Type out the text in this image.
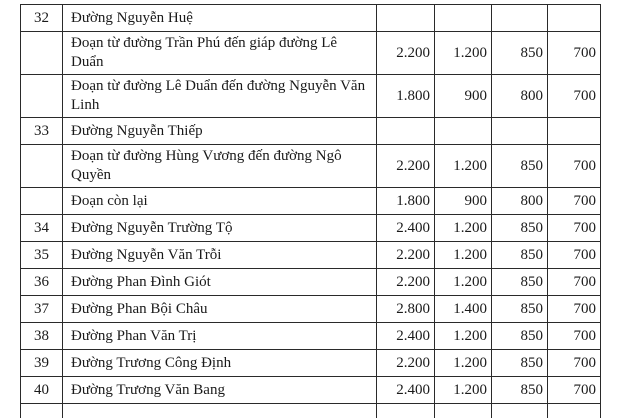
32	Đường Nguyễn Huệ				
	Đoạn từ đường Trần Phú đến giáp đường Lê Duẩn	2.200	1.200	850	700
	Đoạn từ đường Lê Duẩn đến đường Nguyễn Văn Linh	1.800	900	800	700
33	Đường Nguyễn Thiếp				
	Đoạn từ đường Hùng Vương đến đường Ngô Quyền	2.200	1.200	850	700
	Đoạn còn lại	1.800	900	800	700
34	Đường Nguyễn Trường Tộ	2.400	1.200	850	700
35	Đường Nguyễn Văn Trỗi	2.200	1.200	850	700
36	Đường Phan Đình Giót	2.200	1.200	850	700
37	Đường Phan Bội Châu	2.800	1.400	850	700
38	Đường Phan Văn Trị	2.400	1.200	850	700
39	Đường Trương Công Định	2.200	1.200	850	700
40	Đường Trương Văn Bang	2.400	1.200	850	700
